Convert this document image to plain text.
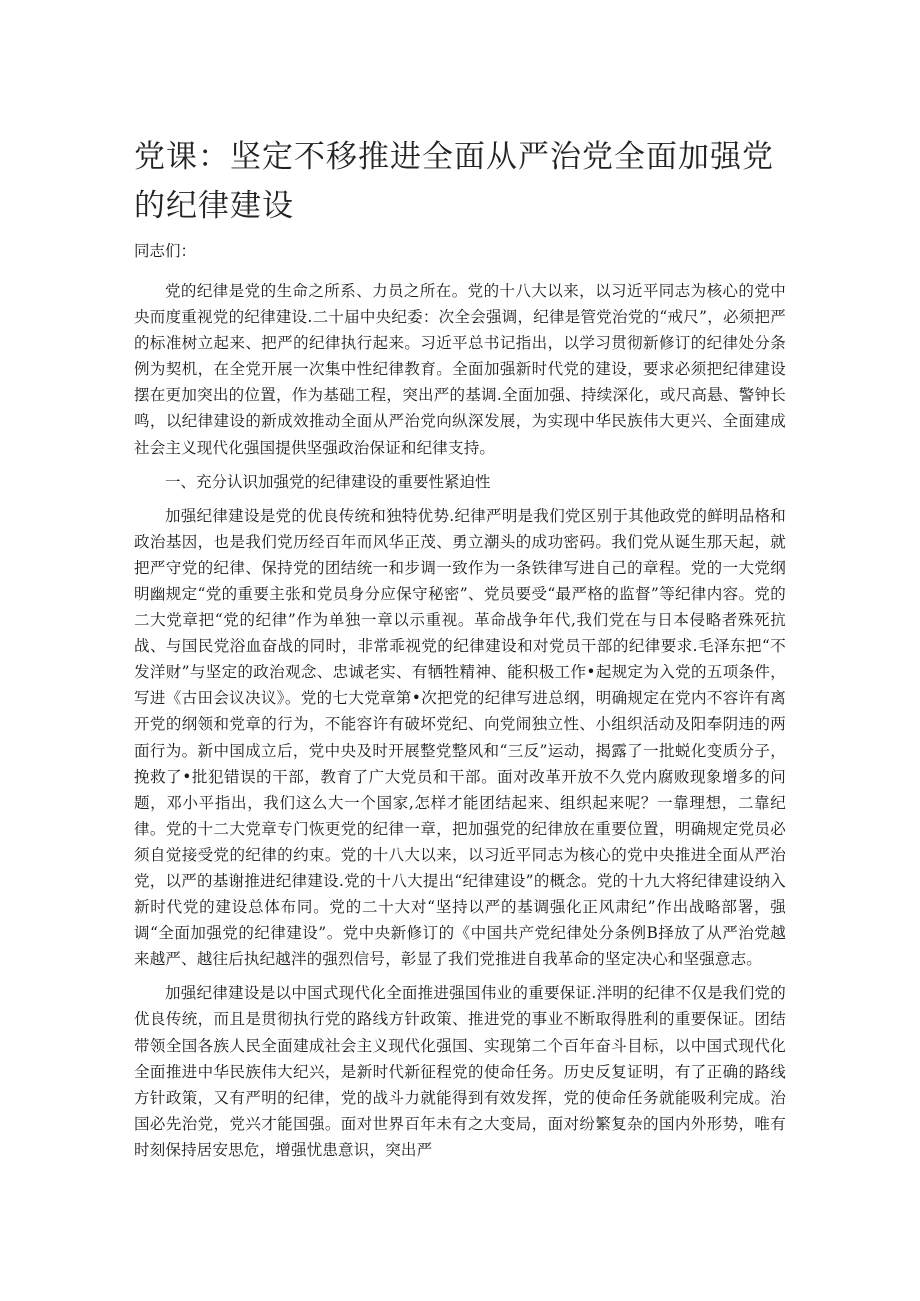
党课：坚定不移推进全面从严治党全面加强党的纪律建设

同志们：

党的纪律是党的生命之所系、力员之所在。党的十八大以来，以习近平同志为核心的党中央而度重视党的纪律建设.二十届中央纪委：次全会强调，纪律是管党治党的“戒尺”，必须把严的标准树立起来、把严的纪律执行起来。习近平总书记指出，以学习贯彻新修订的纪律处分条例为契机，在全党开展一次集中性纪律教育。全面加强新时代党的建设，要求必须把纪律建设摆在更加突出的位置，作为基础工程，突出严的基调.全面加强、持续深化，或尺高悬、警钟长鸣，以纪律建设的新成效推动全面从严治党向纵深发展，为实现中华民族伟大更兴、全面建成社会主义现代化强国提供坚强政治保证和纪律支持。

一、充分认识加强党的纪律建设的重要性紧迫性

加强纪律建设是党的优良传统和独特优势.纪律严明是我们党区别于其他政党的鲜明品格和政治基因，也是我们党历经百年而风华正茂、勇立潮头的成功密码。我们党从诞生那天起，就把严守党的纪律、保持党的团结统一和步调一致作为一条铁律写进自己的章程。党的一大党纲明幽规定“党的重要主张和党员身分应保守秘密”、党员要受“最严格的监督”等纪律内容。党的二大党章把“党的纪律”作为单独一章以示重视。革命战争年代,我们党在与日本侵略者殊死抗战、与国民党浴血奋战的同时，非常乖视党的纪律建设和对党员干部的纪律要求.毛泽东把“不发洋财”与坚定的政治观念、忠诚老实、有牺牲精神、能积极工作•起规定为入党的五项条件，写进《古田会议决议》。党的七大党章第•次把党的纪律写进总纲，明确规定在党内不容许有离开党的纲领和党章的行为，不能容许有破坏党纪、向党闹独立性、小组织活动及阳奉阴违的两面行为。新中国成立后，党中央及时开展整党整风和“三反”运动，揭露了一批蜕化变质分子，挽救了•批犯错误的干部，教育了广大党员和干部。面对改革开放不久党内腐败现象增多的问题，邓小平指出，我们这么大一个国家,怎样才能团结起来、组织起来呢？一靠理想，二靠纪律。党的十二大党章专门恢更党的纪律一章，把加强党的纪律放在重要位置，明确规定党员必须自觉接受党的纪律的约束。党的十八大以来，以习近平同志为核心的党中央推进全面从严治党，以严的基谢推进纪律建设.党的十八大提出“纪律建设”的概念。党的十九大将纪律建设纳入新时代党的建设总体布同。党的二十大对“坚持以严的基调强化正风肃纪”作出战略部署，强调“全面加强党的纪律建设”。党中央新修订的《中国共产党纪律处分条例B择放了从严治党越来越严、越往后执纪越泮的强烈信号，彰显了我们党推进自我革命的坚定决心和坚强意志。

加强纪律建设是以中国式现代化全面推进强国伟业的重要保证.泮明的纪律不仅是我们党的优良传统，而且是贯彻执行党的路线方针政策、推进党的事业不断取得胜利的重要保证。团结带领全国各族人民全面建成社会主义现代化强国、实现第二个百年奋斗目标，以中国式现代化全面推进中华民族伟大纪兴，是新时代新征程党的使命任务。历史反复证明，有了正确的路线方针政策，又有严明的纪律，党的战斗力就能得到有效发挥，党的使命任务就能吸利完成。治国必先治党，党兴才能国强。面对世界百年未有之大变局，面对纷繁复杂的国内外形势，唯有时刻保持居安思危，增强忧患意识，突出严
